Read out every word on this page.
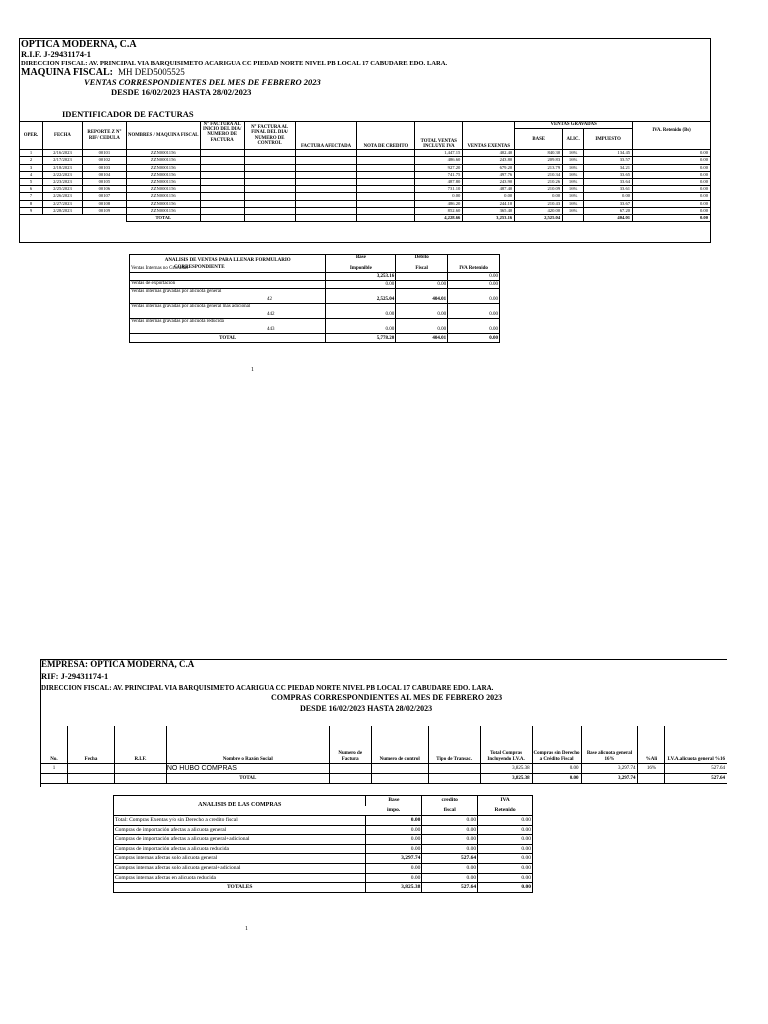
OPTICA MODERNA, C.A
R.I.F. J-29431174-1
DIRECCION FISCAL: AV. PRINCIPAL VIA BARQUISIMETO ACARIGUA CC PIEDAD NORTE NIVEL PB LOCAL 17 CABUDARE EDO. LARA.
MAQUINA FISCAL: MH DED5005525
VENTAS CORRESPONDIENTES DEL MES DE FEBRERO 2023
DESDE 16/02/2023 HASTA 28/02/2023
IDENTIFICADOR DE FACTURAS
OPER.	FECHA	REPORTE Z N° RIF/ CEDULA	NOMBRES / MAQUINA FISCAL	N° FACTURA AL INICIO DEL DIA/ NUMERO DE FACTURA	N° FACTURA AL FINAL DEL DIA/ NUMERO DE CONTROL	FACTURA AFECTADA	NOTA DE CREDITO	TOTAL VENTAS INCLUYE IVA	VENTAS EXENTAS	VENTAS GRAVADAS			IVA. Retenido (Bs)
										BASE	ALIC.	IMPUESTO	
1	2/16/2023	00101	ZZN0001156					1,447.15	402.40	840.30	16%	134.45	0.00
2	2/17/2023	00102	ZZN0001156					486.60	243.80	209.83	16%	33.57	0.00
3	2/18/2023	00103	ZZN0001156					927.20	679.20	213.79	16%	34.21	0.00
4	2/22/2023	00104	ZZN0001156					741.75	497.76	210.34	16%	33.65	0.00
5	2/23/2023	00105	ZZN0001156					487.80	243.90	210.26	16%	33.64	0.00
6	2/25/2023	00106	ZZN0001156					731.10	487.40	210.09	16%	33.61	0.00
7	2/26/2023	00107	ZZN0001156					0.00	0.00	0.00	16%	0.00	0.00
8	2/27/2023	00108	ZZN0001156					486.20	244.10	210.43	16%	33.67	0.00
9	2/28/2023	00109	ZZN0001156					852.60	365.40	420.00	16%	67.20	0.00
			TOTAL					4,228.66	3,253.16	2,525.04		404.01	0.00
ANALISIS DE VENTAS PARA LLENAR FORMULARIO	Base	Débito	

Ventas Internas no Gravadas
CORRESPONDIENTE	Imponible	Fiscal	IVA Retenido
	3,253.16		0.00
Ventas de exportación	0.00	0.00	0.00
Ventas internas gravadas por alicuota general
42	2,525.04	404.01	0.00
Ventas internas gravadas por alicuota general mas adicional
442	0.00	0.00	0.00
Ventas internas gravadas por alicuota reducida
443	0.00	0.00	0.00
TOTAL	5,778.20	404.01	0.00
1
EMPRESA: OPTICA MODERNA, C.A
RIF: J-29431174-1
DIRECCION FISCAL: AV. PRINCIPAL VIA BARQUISIMETO ACARIGUA CC PIEDAD NORTE NIVEL PB LOCAL 17 CABUDARE EDO. LARA.
COMPRAS CORRESPONDIENTES AL MES DE FEBRERO 2023
DESDE 16/02/2023 HASTA 28/02/2023
No.	Fecha	R.I.F.	Nombre o Razón Social	Numero de Factura	Numero de control	Tipo de Transac.	Total Compras Incluyendo I.V.A.	Compras sin Derecho a Crédito Fiscal	Base alicuota general 16%	%Ali	I.V.A.alicuota general %16
1			NO HUBO COMPRAS				3,825.38	0.00	3,297.74	16%	527.64
			TOTAL				3,825.38	0.00	3,297.74		527.64
ANALISIS DE LAS COMPRAS	Base	credito	IVA
	impo.	fiscal	Retenido
Total: Compras Exentas y/o sin Derecho a credito fiscal	0.00	0.00	0.00
Compras de importación afectas a alicuota general	0.00	0.00	0.00
Compras de importación afectas a alicuota general+adicional	0.00	0.00	0.00
Compras de importación afectas a alicuota reducida	0.00	0.00	0.00
Compras internas afectas solo alicuota general	3,297.74	527.64	0.00
Compras internas afectas solo alicuota general+adicional	0.00	0.00	0.00
Compras internas afectas en alicuota reducida	0.00	0.00	0.00
TOTALES	3,825.38	527.64	0.00
1
